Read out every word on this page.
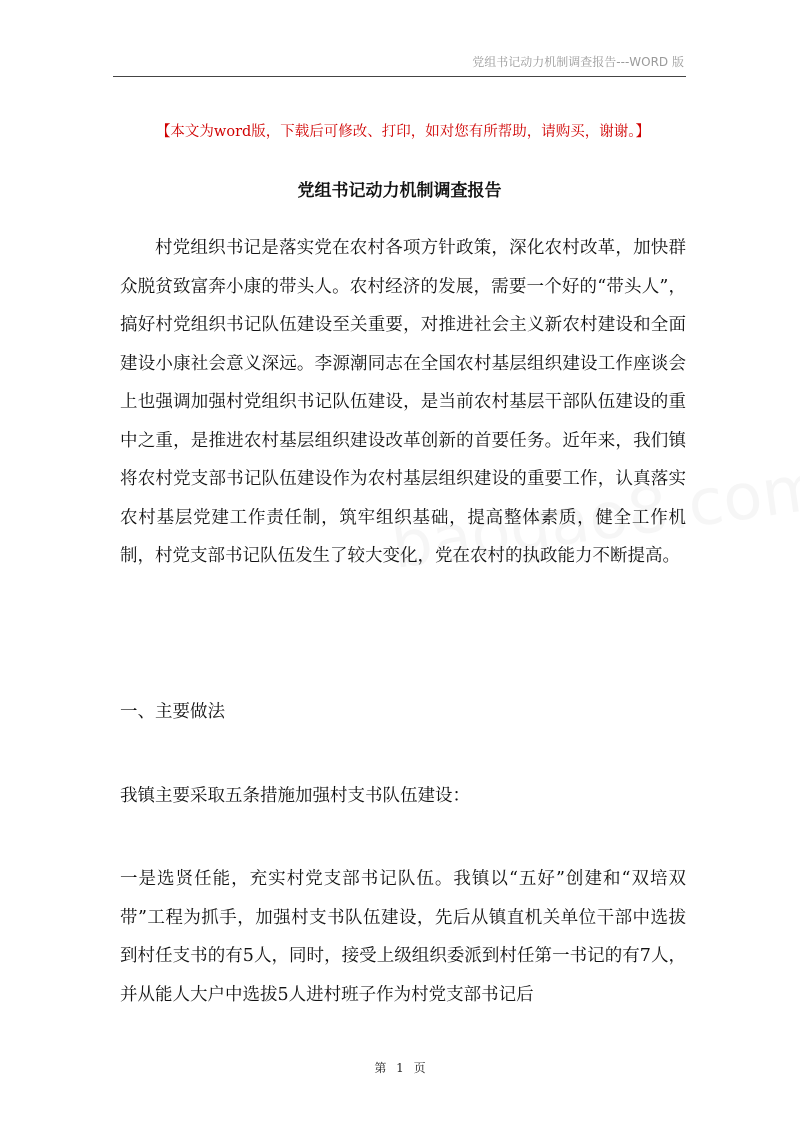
党组书记动力机制调查报告---WORD 版
【本文为word版，下载后可修改、打印，如对您有所帮助，请购买，谢谢。】
党组书记动力机制调查报告

村党组织书记是落实党在农村各项方针政策，深化农村改革，加快群众脱贫致富奔小康的带头人。农村经济的发展，需要一个好的“带头人”，搞好村党组织书记队伍建设至关重要，对推进社会主义新农村建设和全面建设小康社会意义深远。李源潮同志在全国农村基层组织建设工作座谈会上也强调加强村党组织书记队伍建设，是当前农村基层干部队伍建设的重中之重，是推进农村基层组织建设改革创新的首要任务。近年来，我们镇将农村党支部书记队伍建设作为农村基层组织建设的重要工作，认真落实农村基层党建工作责任制，筑牢组织基础，提高整体素质，健全工作机制，村党支部书记队伍发生了较大变化，党在农村的执政能力不断提高。

一、主要做法

我镇主要采取五条措施加强村支书队伍建设：

一是选贤任能，充实村党支部书记队伍。我镇以“五好”创建和“双培双带”工程为抓手，加强村支书队伍建设，先后从镇直机关单位干部中选拔到村任支书的有5人，同时，接受上级组织委派到村任第一书记的有7人，并从能人大户中选拔5人进村班子作为村党支部书记后

第 1 页
